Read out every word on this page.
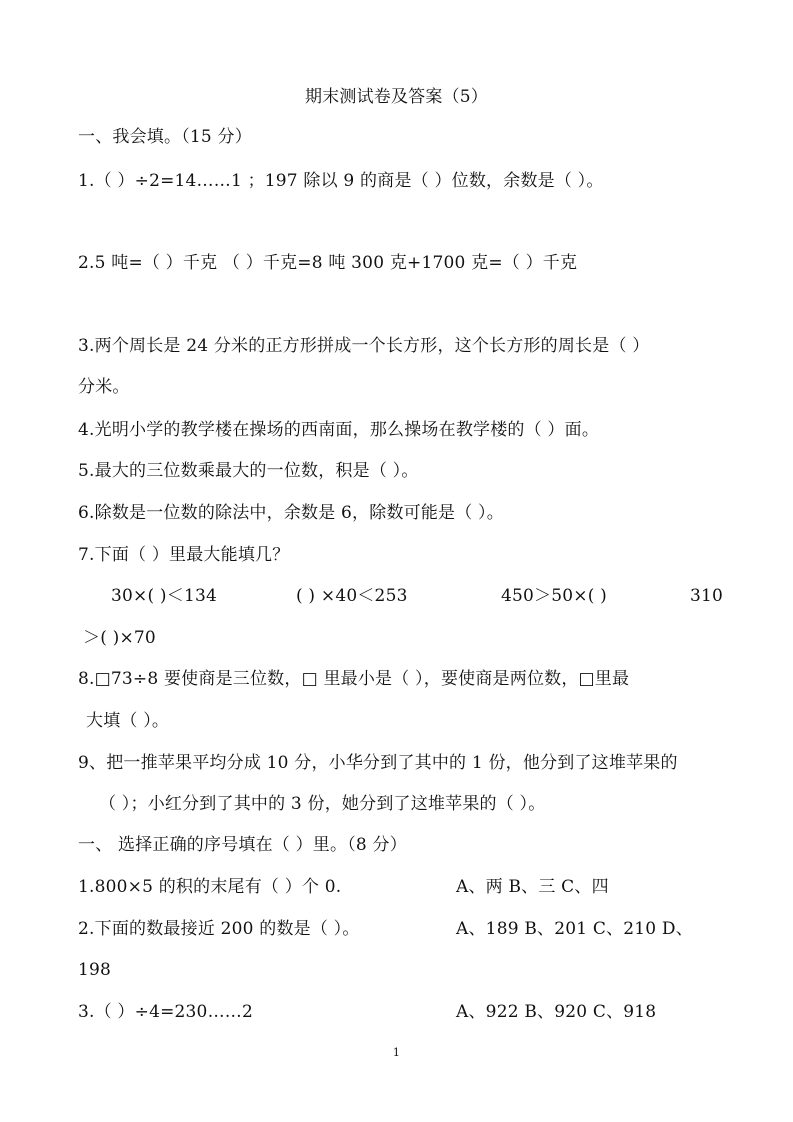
期末测试卷及答案（5）
一、我会填。（15 分）
1.（ ）÷2=14……1 ；197 除以 9 的商是（ ）位数，余数是（ ）。
2.5 吨=（ ）千克 （ ）千克=8 吨 300 克+1700 克=（ ）千克
3.两个周长是 24 分米的正方形拼成一个长方形，这个长方形的周长是（ ）
分米。
4.光明小学的教学楼在操场的西南面，那么操场在教学楼的（ ）面。
5.最大的三位数乘最大的一位数，积是（ ）。
6.除数是一位数的除法中，余数是 6，除数可能是（ ）。
7.下面（ ）里最大能填几？
30×( )＜134	( ) ×40＜253	450＞50×( )	310
＞( )×70
8.□73÷8 要使商是三位数，□ 里最小是（ ），要使商是两位数，□里最
大填（ ）。
9、把一推苹果平均分成 10 分，小华分到了其中的 1 份，他分到了这堆苹果的
（ ）；小红分到了其中的 3 份，她分到了这堆苹果的（ ）。
一、 选择正确的序号填在（ ）里。（8 分）
1.800×5 的积的末尾有（ ）个 0.	A、两 B、三 C、四
2.下面的数最接近 200 的数是（ ）。	A、189 B、201 C、210 D、
198
3.（ ）÷4=230……2	A、922 B、920 C、918
1
